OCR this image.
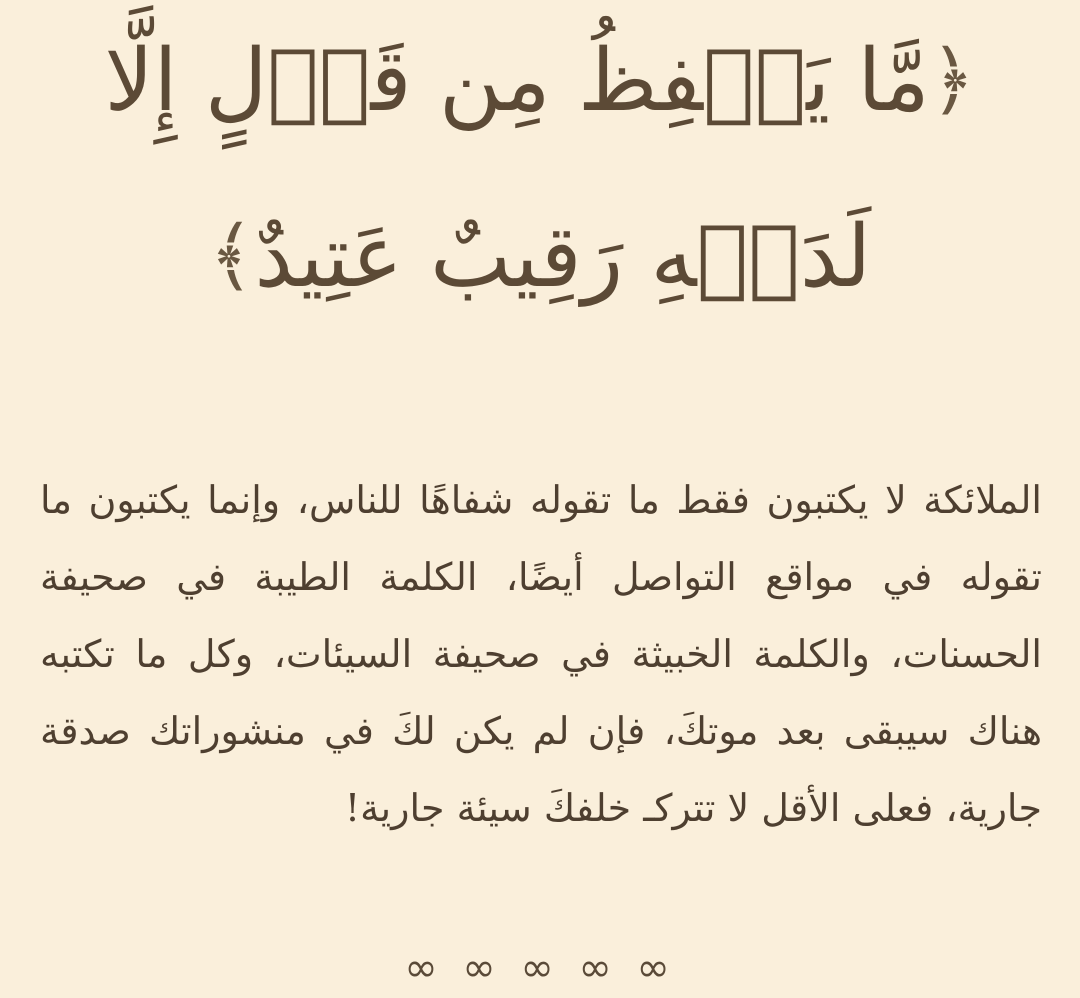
﴿مَّا يَلۡفِظُ مِن قَوۡلٍ إِلَّا
لَدَيۡهِ رَقِيبٌ عَتِيدٌ﴾

الملائكة لا يكتبون فقط ما تقوله شفاهًا للناس، وإنما يكتبون ما تقوله في مواقع التواصل أيضًا، الكلمة الطيبة في صحيفة الحسنات، والكلمة الخبيثة في صحيفة السيئات، وكل ما تكتبه هناك سيبقى بعد موتكَ، فإن لم يكن لكَ في منشوراتك صدقة جارية، فعلى الأقل لا تتركـ خلفكَ سيئة جارية!

∞ ∞ ∞ ∞ ∞
